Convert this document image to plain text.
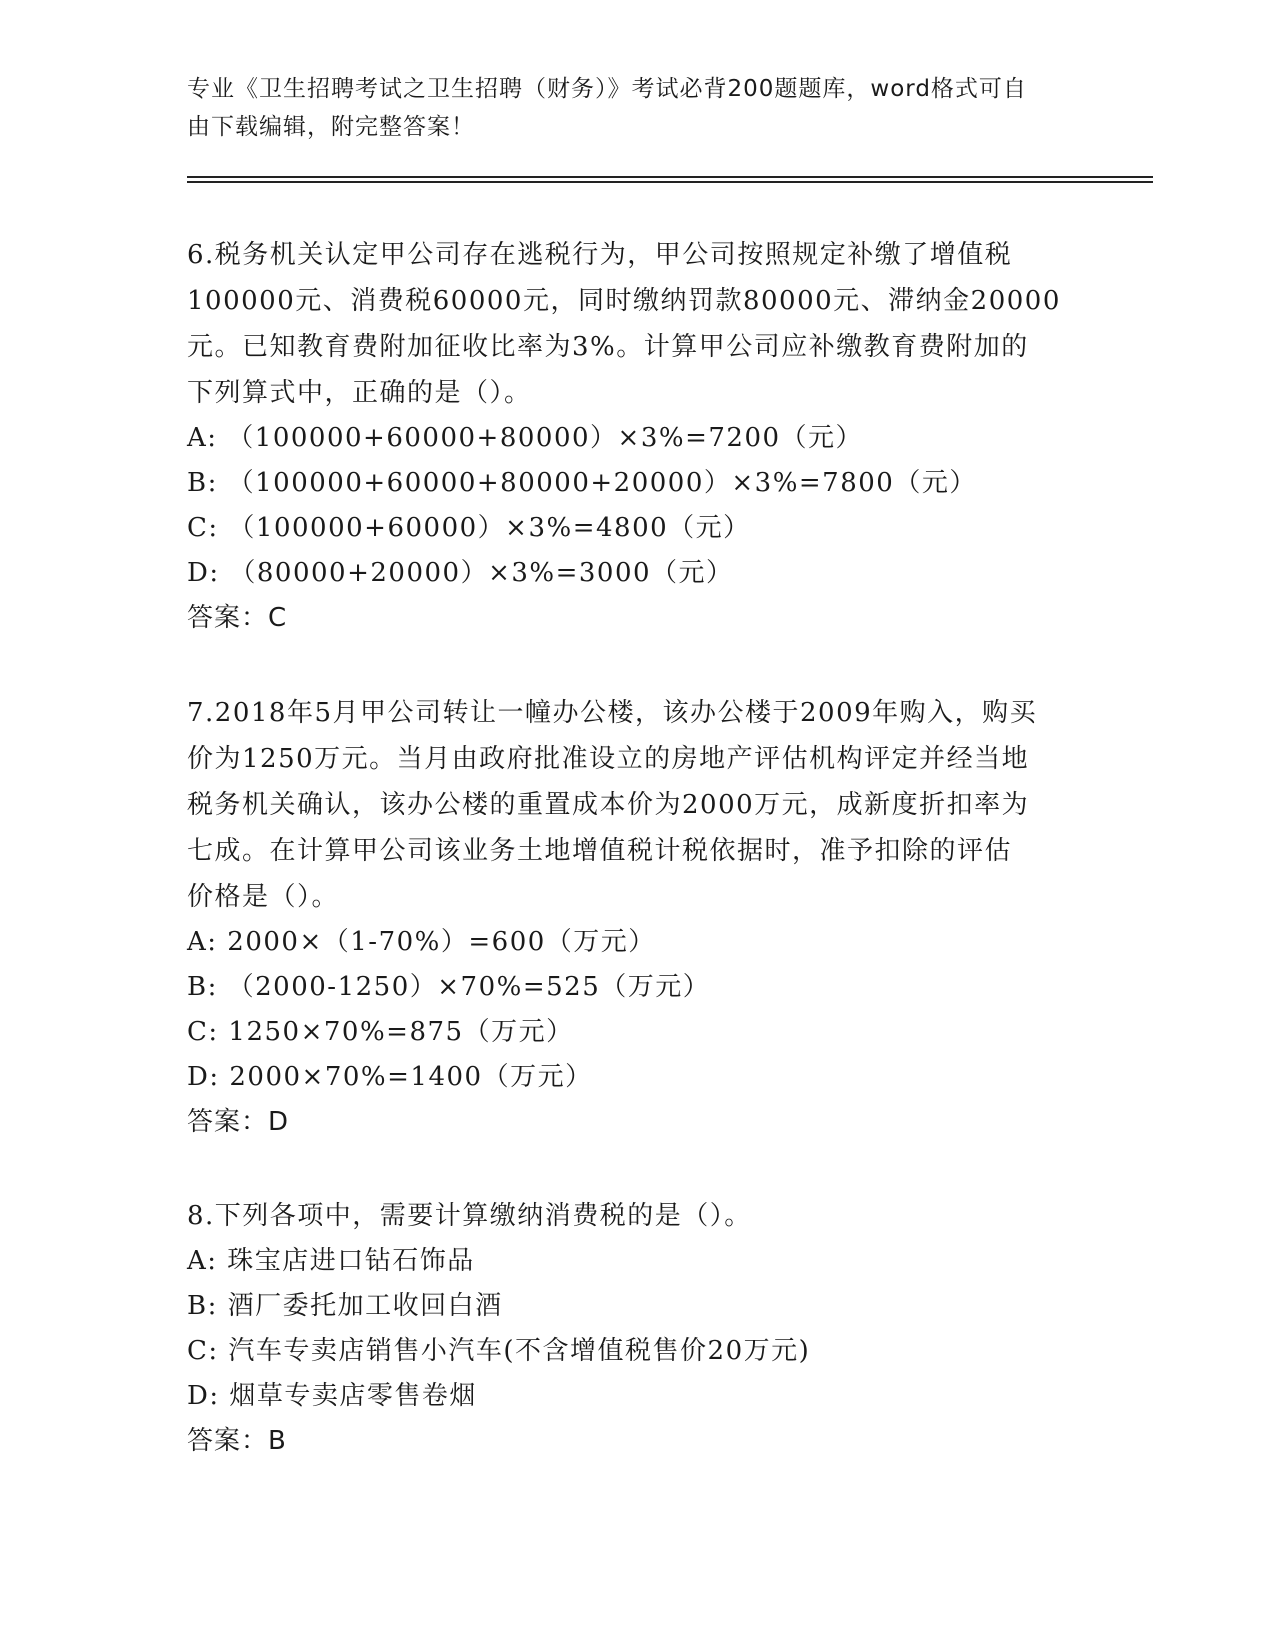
专业《卫生招聘考试之卫生招聘（财务）》考试必背200题题库，word格式可自
由下载编辑，附完整答案！

6.税务机关认定甲公司存在逃税行为，甲公司按照规定补缴了增值税

100000元、消费税60000元，同时缴纳罚款80000元、滞纳金20000

元。已知教育费附加征收比率为3%。计算甲公司应补缴教育费附加的

下列算式中，正确的是（）。

A: （100000+60000+80000）×3%=7200（元）

B: （100000+60000+80000+20000）×3%=7800（元）

C: （100000+60000）×3%=4800（元）

D: （80000+20000）×3%=3000（元）

答案：C

7.2018年5月甲公司转让一幢办公楼，该办公楼于2009年购入，购买

价为1250万元。当月由政府批准设立的房地产评估机构评定并经当地

税务机关确认，该办公楼的重置成本价为2000万元，成新度折扣率为

七成。在计算甲公司该业务土地增值税计税依据时，准予扣除的评估

价格是（）。

A: 2000×（1-70%）=600（万元）

B: （2000-1250）×70%=525（万元）

C: 1250×70%=875（万元）

D: 2000×70%=1400（万元）

答案：D

8.下列各项中，需要计算缴纳消费税的是（）。

A: 珠宝店进口钻石饰品

B: 酒厂委托加工收回白酒

C: 汽车专卖店销售小汽车(不含增值税售价20万元)

D: 烟草专卖店零售卷烟

答案：B
